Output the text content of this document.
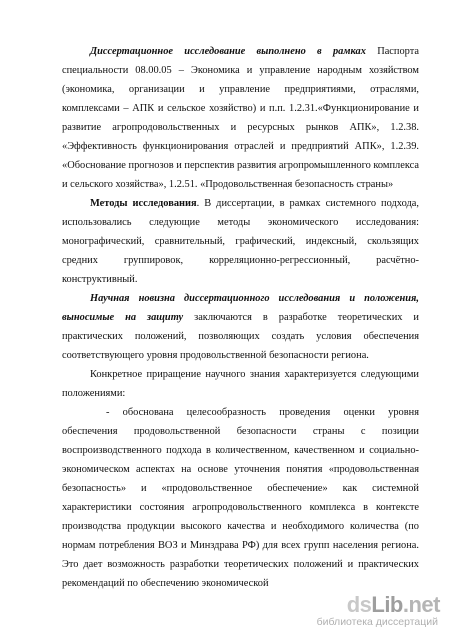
Диссертационное исследование выполнено в рамках Паспорта специальности 08.00.05 – Экономика и управление народным хозяйством (экономика, организации и управление предприятиями, отраслями, комплексами – АПК и сельское хозяйство) и п.п. 1.2.31.«Функционирование и развитие агропродовольственных и ресурсных рынков АПК», 1.2.38. «Эффективность функционирования отраслей и предприятий АПК», 1.2.39. «Обоснование прогнозов и перспектив развития агропромышленного комплекса и сельского хозяйства», 1.2.51. «Продовольственная безопасность страны»

Методы исследования. В диссертации, в рамках системного подхода, использовались следующие методы экономического исследования: монографический, сравнительный, графический, индексный, скользящих средних группировок, корреляционно-регрессионный, расчётно-конструктивный.

Научная новизна диссертационного исследования и положения, выносимые на защиту заключаются в разработке теоретических и практических положений, позволяющих создать условия обеспечения соответствующего уровня продовольственной безопасности региона.

Конкретное приращение научного знания характеризуется следующими положениями:

- обоснована целесообразность проведения оценки уровня обеспечения продовольственной безопасности страны с позиции воспроизводственного подхода в количественном, качественном и социально-экономическом аспектах на основе уточнения понятия «продовольственная безопасность» и «продовольственное обеспечение» как системной характеристики состояния агропродовольственного комплекса в контексте производства продукции высокого качества и необходимого количества (по нормам потребления ВОЗ и Минздрава РФ) для всех групп населения региона. Это дает возможность разработки теоретических положений и практических рекомендаций по обеспечению экономической

dsLib.net
библиотека диссертаций
